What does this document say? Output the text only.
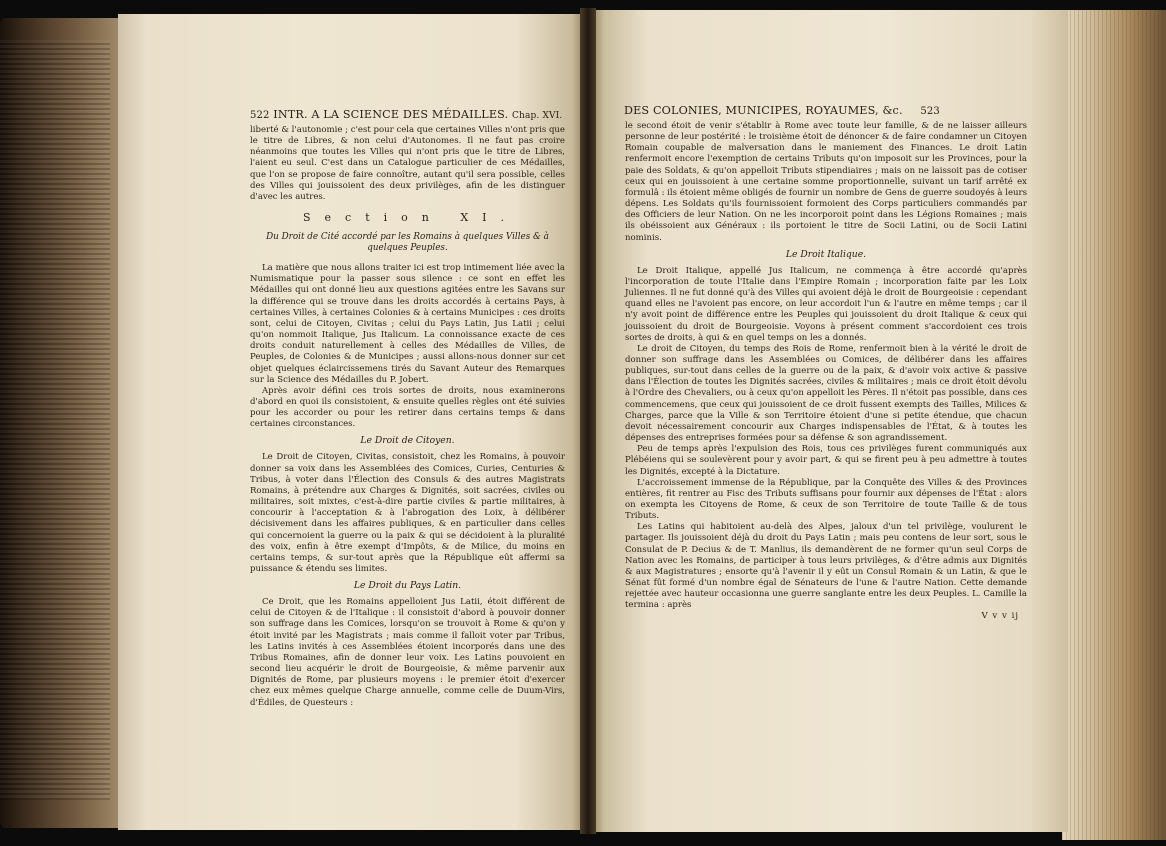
522 INTR. A LA SCIENCE DES MÉDAILLES. Chap. XVI.

liberté & l'autonomie ; c'est pour cela que certaines Villes n'ont pris que le titre de Libres, & non celui d'Autonomes. Il ne faut pas croire néanmoins que toutes les Villes qui n'ont pris que le titre de Libres, l'aient eu seul. C'est dans un Catalogue particulier de ces Médailles, que l'on se propose de faire connoître, autant qu'il sera possible, celles des Villes qui jouissoient des deux privilèges, afin de les distinguer d'avec les autres.

Section XI.
Du Droit de Cité accordé par les Romains à quelques Villes & à quelques Peuples.

La matière que nous allons traiter ici est trop intimement liée avec la Numismatique pour la passer sous silence : ce sont en effet les Médailles qui ont donné lieu aux questions agitées entre les Savans sur la différence qui se trouve dans les droits accordés à certains Pays, à certaines Villes, à certaines Colonies & à certains Municipes : ces droits sont, celui de Citoyen, Civitas ; celui du Pays Latin, Jus Latii ; celui qu'on nommoit Italique, Jus Italicum. La connoissance exacte de ces droits conduit naturellement à celles des Médailles de Villes, de Peuples, de Colonies & de Municipes ; aussi allons-nous donner sur cet objet quelques éclaircissemens tirés du Savant Auteur des Remarques sur la Science des Médailles du P. Jobert.

Après avoir défini ces trois sortes de droits, nous examinerons d'abord en quoi ils consistoient, & ensuite quelles règles ont été suivies pour les accorder ou pour les retirer dans certains temps & dans certaines circonstances.

Le Droit de Citoyen.

Le Droit de Citoyen, Civitas, consistoit, chez les Romains, à pouvoir donner sa voix dans les Assemblées des Comices, Curies, Centuries & Tribus, à voter dans l'Élection des Consuls & des autres Magistrats Romains, à prétendre aux Charges & Dignités, soit sacrées, civiles ou militaires, soit mixtes, c'est-à-dire partie civiles & partie militaires, à concourir à l'acceptation & à l'abrogation des Loix, à délibérer décisivement dans les affaires publiques, & en particulier dans celles qui concernoient la guerre ou la paix & qui se décidoient à la pluralité des voix, enfin à être exempt d'Impôts, & de Milice, du moins en certains temps, & sur-tout après que la République eût affermi sa puissance & étendu ses limites.

Le Droit du Pays Latin.

Ce Droit, que les Romains appelloient Jus Latii, étoit différent de celui de Citoyen & de l'Italique : il consistoit d'abord à pouvoir donner son suffrage dans les Comices, lorsqu'on se trouvoit à Rome & qu'on y étoit invité par les Magistrats ; mais comme il falloit voter par Tribus, les Latins invités à ces Assemblées étoient incorporés dans une des Tribus Romaines, afin de donner leur voix. Les Latins pouvoient en second lieu acquérir le droit de Bourgeoisie, & même parvenir aux Dignités de Rome, par plusieurs moyens : le premier étoit d'exercer chez eux mêmes quelque Charge annuelle, comme celle de Duum-Virs, d'Édiles, de Questeurs :

DES COLONIES, MUNICIPES, ROYAUMES, &c. 523

le second étoit de venir s'établir à Rome avec toute leur famille, & de ne laisser ailleurs personne de leur postérité : le troisième étoit de dénoncer & de faire condamner un Citoyen Romain coupable de malversation dans le maniement des Finances. Le droit Latin renfermoit encore l'exemption de certains Tributs qu'on imposoit sur les Provinces, pour la paie des Soldats, & qu'on appelloit Tributs stipendiaires ; mais on ne laissoit pas de cotiser ceux qui en jouissoient à une certaine somme proportionnelle, suivant un tarif arrêté ex formulâ : ils étoient même obligés de fournir un nombre de Gens de guerre soudoyés à leurs dépens. Les Soldats qu'ils fournissoient formoient des Corps particuliers commandés par des Officiers de leur Nation. On ne les incorporoit point dans les Légions Romaines ; mais ils obéissoient aux Généraux : ils portoient le titre de Socii Latini, ou de Socii Latini nominis.

Le Droit Italique.

Le Droit Italique, appellé Jus Italicum, ne commença à être accordé qu'après l'incorporation de toute l'Italie dans l'Empire Romain ; incorporation faite par les Loix Juliennes. Il ne fut donné qu'à des Villes qui avoient déjà le droit de Bourgeoisie : cependant quand elles ne l'avoient pas encore, on leur accordoit l'un & l'autre en même temps ; car il n'y avoit point de différence entre les Peuples qui jouissoient du droit Italique & ceux qui jouissoient du droit de Bourgeoisie. Voyons à présent comment s'accordoient ces trois sortes de droits, à qui & en quel temps on les a donnés.

Le droit de Citoyen, du temps des Rois de Rome, renfermoit bien à la vérité le droit de donner son suffrage dans les Assemblées ou Comices, de délibérer dans les affaires publiques, sur-tout dans celles de la guerre ou de la paix, & d'avoir voix active & passive dans l'Élection de toutes les Dignités sacrées, civiles & militaires ; mais ce droit étoit dévolu à l'Ordre des Chevaliers, ou à ceux qu'on appelloit les Pères. Il n'étoit pas possible, dans ces commencemens, que ceux qui jouissoient de ce droit fussent exempts des Tailles, Milices & Charges, parce que la Ville & son Territoire étoient d'une si petite étendue, que chacun devoit nécessairement concourir aux Charges indispensables de l'État, & à toutes les dépenses des entreprises formées pour sa défense & son agrandissement.

Peu de temps après l'expulsion des Rois, tous ces privilèges furent communiqués aux Plébéiens qui se soulevèrent pour y avoir part, & qui se firent peu à peu admettre à toutes les Dignités, excepté à la Dictature.

L'accroissement immense de la République, par la Conquête des Villes & des Provinces entières, fit rentrer au Fisc des Tributs suffisans pour fournir aux dépenses de l'État : alors on exempta les Citoyens de Rome, & ceux de son Territoire de toute Taille & de tous Tributs.

Les Latins qui habitoient au-delà des Alpes, jaloux d'un tel privilège, voulurent le partager. Ils jouissoient déjà du droit du Pays Latin ; mais peu contens de leur sort, sous le Consulat de P. Decius & de T. Manlius, ils demandèrent de ne former qu'un seul Corps de Nation avec les Romains, de participer à tous leurs privilèges, & d'être admis aux Dignités & aux Magistratures ; ensorte qu'à l'avenir il y eût un Consul Romain & un Latin, & que le Sénat fût formé d'un nombre égal de Sénateurs de l'une & l'autre Nation. Cette demande rejettée avec hauteur occasionna une guerre sanglante entre les deux Peuples. L. Camille la termina : après

V v v ij
